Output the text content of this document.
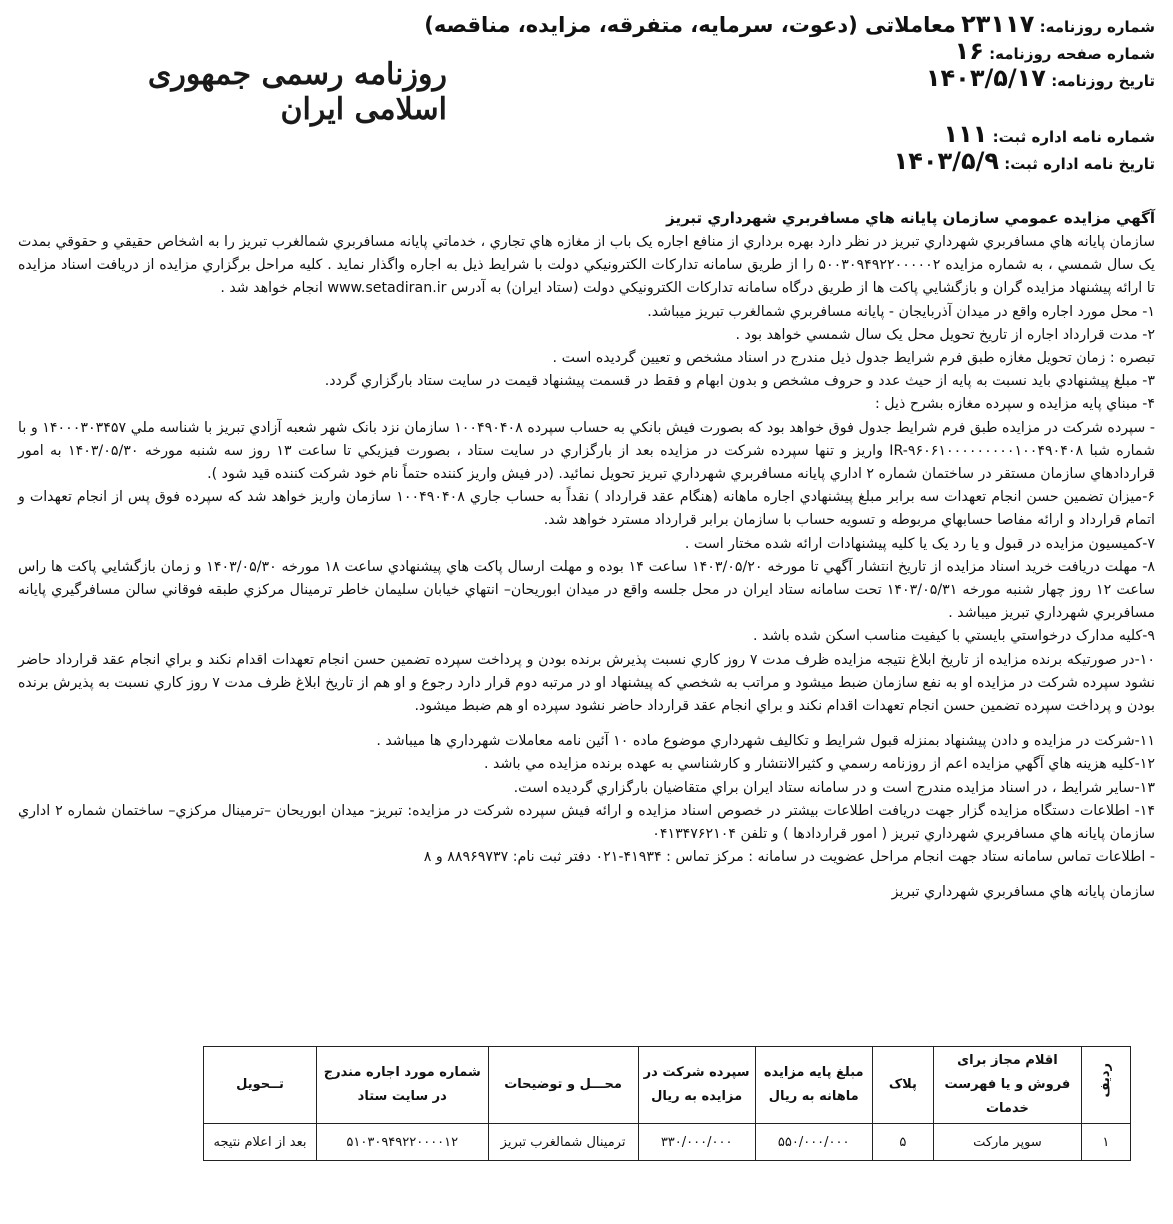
شماره روزنامه: ۲۳۱۱۷ معاملاتی (دعوت، سرمایه، متفرقه، مزایده، مناقصه)
شماره صفحه روزنامه: ۱۶
تاریخ روزنامه: ۱۴۰۳/۵/۱۷
شماره نامه اداره ثبت: ۱۱۱
تاریخ نامه اداره ثبت: ۱۴۰۳/۵/۹
روزنامه رسمی جمهوری اسلامی ایران
آگهي مزايده عمومي سازمان پايانه هاي مسافربري شهرداري تبريز

سازمان پايانه هاي مسافربري شهرداري تبريز در نظر دارد بهره برداري از منافع اجاره يک باب از مغازه هاي تجاري ، خدماتي پايانه مسافربري شمالغرب تبريز را به اشخاص حقيقي و حقوقي بمدت يک سال شمسي ، به شماره مزايده ۵۰۰۳۰۹۴۹۲۲۰۰۰۰۰۲ را از طريق سامانه تدارکات الکترونيکي دولت با شرايط ذيل به اجاره واگذار نمايد . کليه مراحل برگزاري مزايده از دريافت اسناد مزايده تا ارائه پيشنهاد مزايده گران و بازگشايي پاکت ها از طريق درگاه سامانه تدارکات الکترونيکي دولت (ستاد ايران) به آدرس www.setadiran.ir انجام خواهد شد .

۱- محل مورد اجاره واقع در ميدان آذربايجان - پايانه مسافربري شمالغرب تبريز ميباشد.

۲- مدت قرارداد اجاره از تاريخ تحويل محل يک سال شمسي خواهد بود .

تبصره : زمان تحويل مغازه طبق فرم شرايط جدول ذيل مندرج در اسناد مشخص و تعيين گرديده است .

۳- مبلغ پيشنهادي بايد نسبت به پايه از حيث عدد و حروف مشخص و بدون ابهام و فقط در قسمت پيشنهاد قيمت در سايت ستاد بارگزاري گردد.

۴- مبناي پايه مزايده و سپرده مغازه بشرح ذيل :

- سپرده شرکت در مزايده طبق فرم شرايط جدول فوق خواهد بود که بصورت فيش بانکي به حساب سپرده ۱۰۰۴۹۰۴۰۸ سازمان نزد بانک شهر شعبه آزادي تبريز با شناسه ملي ۱۴۰۰۰۳۰۳۴۵۷ و با شماره شبا IR-۹۶۰۶۱۰۰۰۰۰۰۰۰۰۱۰۰۴۹۰۴۰۸ واريز و تنها سپرده شرکت در مزايده بعد از بارگزاري در سايت ستاد ، بصورت فيزيکي تا ساعت ۱۳ روز سه شنبه مورخه ۱۴۰۳/۰۵/۳۰ به امور قراردادهاي سازمان مستقر در ساختمان شماره ۲ اداري پايانه مسافربري شهرداري تبريز تحويل نمائيد. (در فيش واريز کننده حتماً نام خود شرکت کننده قيد شود ).

۶-ميزان تضمين حسن انجام تعهدات سه برابر مبلغ پيشنهادي اجاره ماهانه (هنگام عقد قرارداد ) نقداً به حساب جاري ۱۰۰۴۹۰۴۰۸ سازمان واريز خواهد شد که سپرده فوق پس از انجام تعهدات و اتمام قرارداد و ارائه مفاصا حسابهاي مربوطه و تسويه حساب با سازمان برابر قرارداد مسترد خواهد شد.

۷-کميسيون مزايده در قبول و يا رد يک يا کليه پيشنهادات ارائه شده مختار است .

۸- مهلت دريافت خريد اسناد مزايده از تاريخ انتشار آگهي تا مورخه ۱۴۰۳/۰۵/۲۰ ساعت ۱۴ بوده و مهلت ارسال پاکت هاي پيشنهادي ساعت ۱۸ مورخه ۱۴۰۳/۰۵/۳۰ و زمان بازگشايي پاکت ها راس ساعت ۱۲ روز چهار شنبه مورخه ۱۴۰۳/۰۵/۳۱ تحت سامانه ستاد ايران در محل جلسه واقع در ميدان ابوريحان– انتهاي خيابان سليمان خاطر ترمينال مرکزي طبقه فوقاني سالن مسافرگيري پايانه مسافربري شهرداري تبريز ميباشد .

۹-کليه مدارک درخواستي بايستي با کيفيت مناسب اسکن شده باشد .

۱۰-در صورتيکه برنده مزايده از تاريخ ابلاغ نتيجه مزايده ظرف مدت ۷ روز کاري نسبت پذيرش برنده بودن و پرداخت سپرده تضمين حسن انجام تعهدات اقدام نکند و براي انجام عقد قرارداد حاضر نشود سپرده شرکت در مزايده او به نفع سازمان ضبط ميشود و مراتب به شخصي که پيشنهاد او در مرتبه دوم قرار دارد رجوع و او هم از تاريخ ابلاغ ظرف مدت ۷ روز کاري نسبت به پذيرش برنده بودن و پرداخت سپرده تضمين حسن انجام تعهدات اقدام نکند و براي انجام عقد قرارداد حاضر نشود سپرده او هم ضبط ميشود.

۱۱-شرکت در مزايده و دادن پيشنهاد بمنزله قبول شرايط و تکاليف شهرداري موضوع ماده ۱۰ آئين نامه معاملات شهرداري ها ميباشد .

۱۲-کليه هزينه هاي آگهي مزايده اعم از روزنامه رسمي و کثيرالانتشار و کارشناسي به عهده برنده مزايده مي باشد .

۱۳-ساير شرايط ، در اسناد مزايده مندرج است و در سامانه ستاد ايران براي متقاضيان بارگزاري گرديده است.

۱۴- اطلاعات دستگاه مزايده گزار جهت دريافت اطلاعات بيشتر در خصوص اسناد مزايده و ارائه فيش سپرده شرکت در مزايده: تبريز- ميدان ابوريحان –ترمينال مرکزي– ساختمان شماره ۲ اداري سازمان پايانه هاي مسافربري شهرداري تبريز ( امور قراردادها ) و تلفن ۰۴۱۳۴۷۶۲۱۰۴

- اطلاعات تماس سامانه ستاد جهت انجام مراحل عضويت در سامانه : مرکز تماس : ۴۱۹۳۴-۰۲۱ دفتر ثبت نام: ۸۸۹۶۹۷۳۷ و ۸

سازمان پايانه هاي مسافربري شهرداري تبريز

ردیف	اقلام مجاز برای فروش و یا فهرست خدمات	پلاک	مبلغ پایه مزایده ماهانه به ریال	سپرده شرکت در مزایده به ریال	محـــل و توضیحات	شماره مورد اجاره مندرج در سایت ستاد	تــحویل
۱	سوپر مارکت	۵	۵۵۰/۰۰۰/۰۰۰	۳۳۰/۰۰۰/۰۰۰	ترمینال شمالغرب تبریز	۵۱۰۳۰۹۴۹۲۲۰۰۰۰۱۲	بعد از اعلام نتیجه
